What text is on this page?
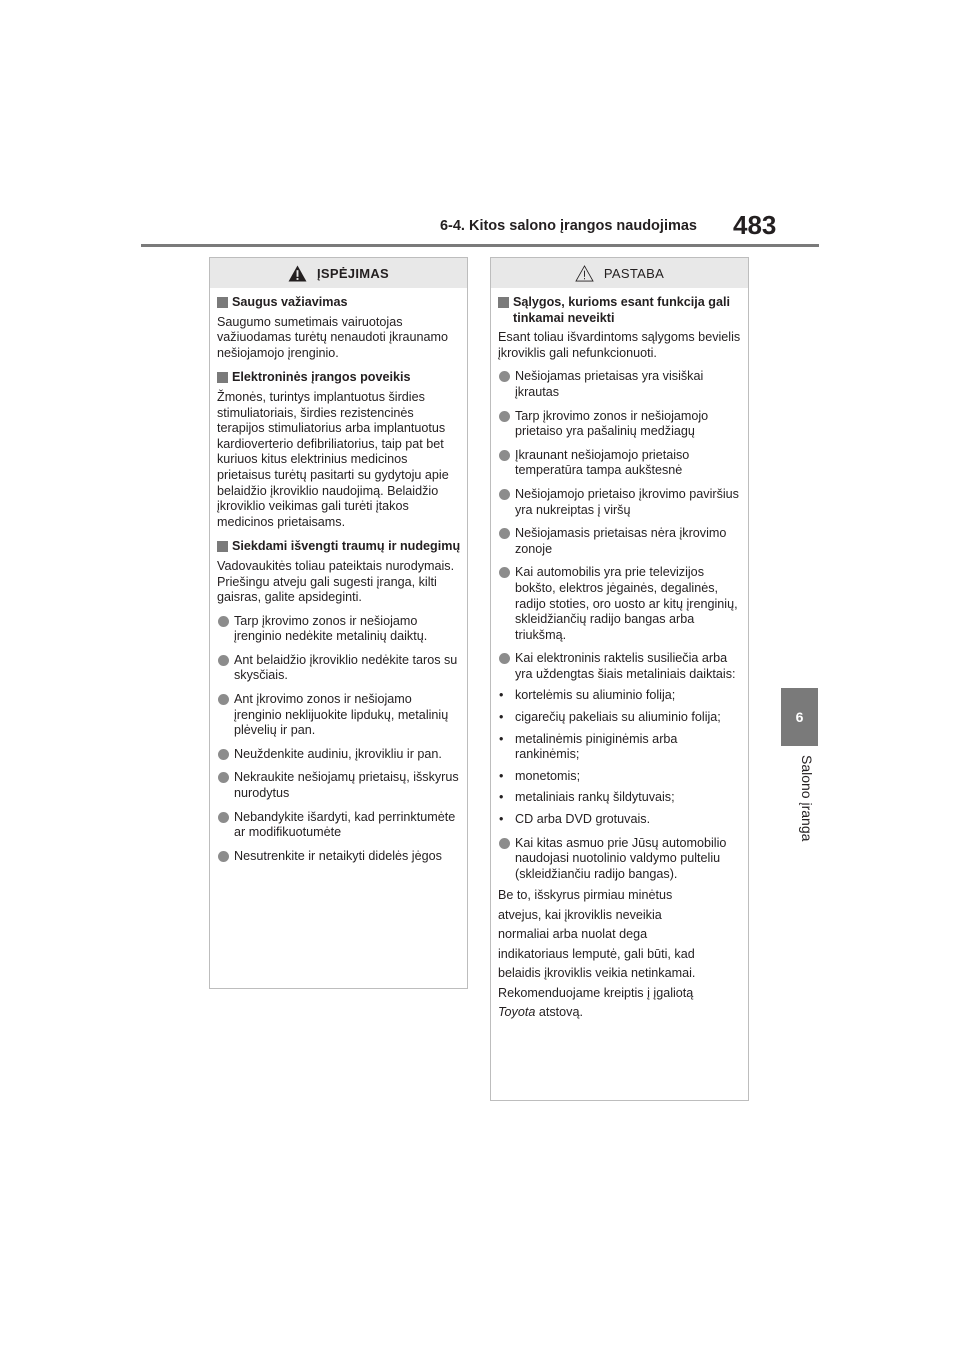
6-4. Kitos salono įrangos naudojimas 483
6
Salono įranga
ĮSPĖJIMAS
Saugus važiavimas
Saugumo sumetimais vairuotojas važiuodamas turėtų nenaudoti įkraunamo nešiojamojo įrenginio.
Elektroninės įrangos poveikis
Žmonės, turintys implantuotus širdies stimuliatoriais, širdies rezistencinės terapijos stimuliatorius arba implantuotus kardioverterio defibriliatorius, taip pat bet kuriuos kitus elektrinius medicinos prietaisus turėtų pasitarti su gydytoju apie belaidžio įkroviklio naudojimą. Belaidžio įkroviklio veikimas gali turėti įtakos medicinos prietaisams.
Siekdami išvengti traumų ir nudegimų
Vadovaukitės toliau pateiktais nurodymais.
Priešingu atveju gali sugesti įranga, kilti gaisras, galite apsideginti.
Tarp įkrovimo zonos ir nešiojamo įrenginio nedėkite metalinių daiktų.
Ant belaidžio įkroviklio nedėkite taros su skysčiais.
Ant įkrovimo zonos ir nešiojamo įrenginio neklijuokite lipdukų, metalinių plėvelių ir pan.
Neuždenkite audiniu, įkrovikliu ir pan.
Nekraukite nešiojamų prietaisų, išskyrus nurodytus
Nebandykite išardyti, kad perrinktumėte ar modifikuotumėte
Nesutrenkite ir netaikyti didelės jėgos
PASTABA
Sąlygos, kurioms esant funkcija gali tinkamai neveikti
Esant toliau išvardintoms sąlygoms bevielis įkroviklis gali nefunkcionuoti.
Nešiojamas prietaisas yra visiškai įkrautas
Tarp įkrovimo zonos ir nešiojamojo prietaiso yra pašalinių medžiagų
Įkraunant nešiojamojo prietaiso temperatūra tampa aukštesnė
Nešiojamojo prietaiso įkrovimo paviršius yra nukreiptas į viršų
Nešiojamasis prietaisas nėra įkrovimo zonoje
Kai automobilis yra prie televizijos bokšto, elektros jėgainės, degalinės, radijo stoties, oro uosto ar kitų įrenginių, skleidžiančių radijo bangas arba triukšmą.
Kai elektroninis raktelis susiliečia arba yra uždengtas šiais metaliniais daiktais:
• kortelėmis su aliuminio folija;
• cigarečių pakeliais su aliuminio folija;
• metalinėmis piniginėmis arba rankinėmis;
• monetomis;
• metaliniais rankų šildytuvais;
• CD arba DVD grotuvais.
Kai kitas asmuo prie Jūsų automobilio naudojasi nuotolinio valdymo pulteliu (skleidžiančiu radijo bangas).
Be to, išskyrus pirmiau minėtus
atvejus, kai įkroviklis neveikia
normaliai arba nuolat dega
indikatoriaus lemputė, gali būti, kad
belaidis įkroviklis veikia netinkamai.
Rekomenduojame kreiptis į įgaliotą
Toyota atstovą.
